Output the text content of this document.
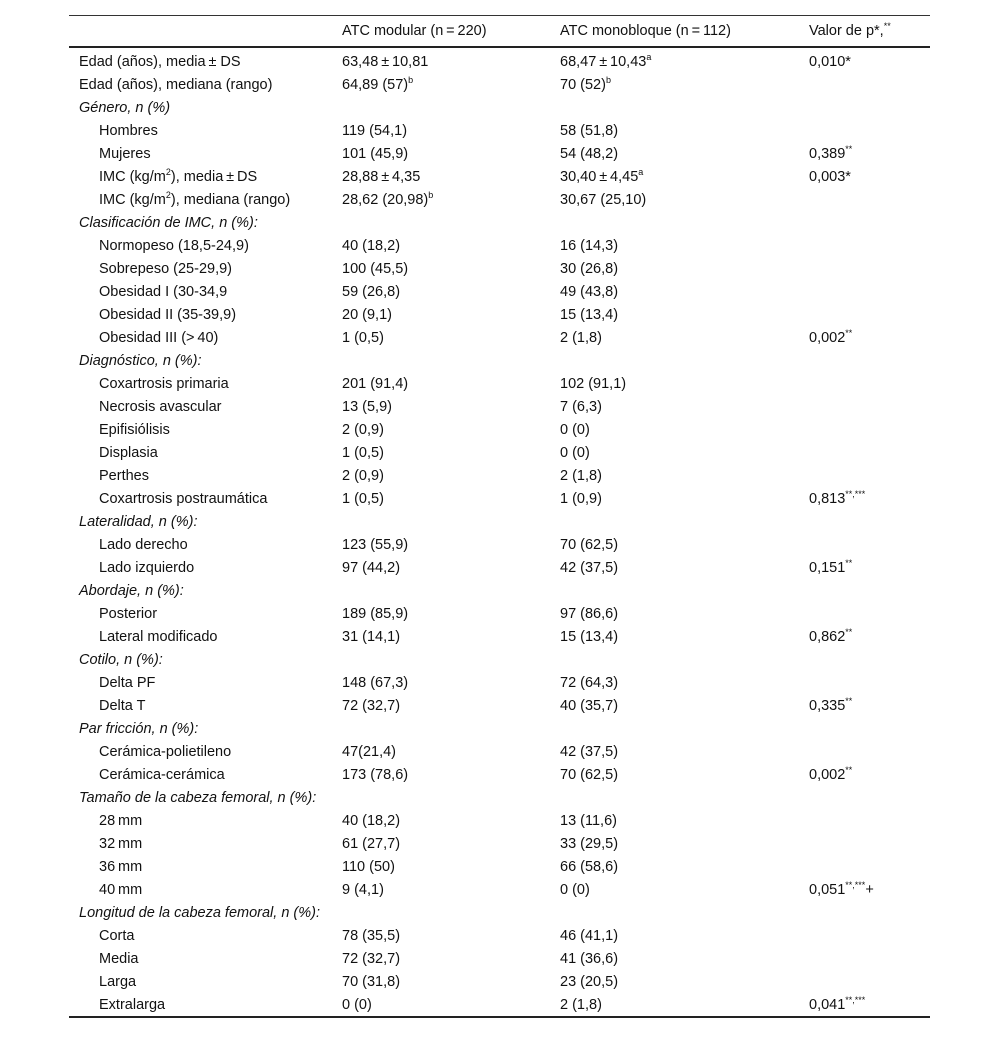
	ATC modular (n = 220)	ATC monobloque (n = 112)	Valor de p*,**
Edad (años), media ± DS	63,48 ± 10,81	68,47 ± 10,43$^a$	0,010*
Edad (años), mediana (rango)	64,89 $(57)^b$	70 $(52)^b$	
Género, n (%)			
Hombres	119 (54,1)	58 (51,8)	
Mujeres	101 (45,9)	54 (48,2)	0,389**
IMC $(kg/m^2)$, media ± DS	28,88 ± 4,35	30,40 ± 4,45$^a$	0,003*
IMC $(kg/m^2)$, mediana (rango)	28,62 $(20,98)^b$	30,67 (25,10)	
Clasificación de IMC, n (%):			
Normopeso (18,5-24,9)	40 (18,2)	16 (14,3)	
Sobrepeso (25-29,9)	100 (45,5)	30 (26,8)	
Obesidad I (30-34,9	59 (26,8)	49 (43,8)	
Obesidad II (35-39,9)	20 (9,1)	15 (13,4)	
Obesidad III (> 40)	1 (0,5)	2 (1,8)	0,002**
Diagnóstico, n (%):			
Coxartrosis primaria	201 (91,4)	102 (91,1)	
Necrosis avascular	13 (5,9)	7 (6,3)	
Epifisiólisis	2 (0,9)	0 (0)	
Displasia	1 (0,5)	0 (0)	
Perthes	2 (0,9)	2 (1,8)	
Coxartrosis postraumática	1 (0,5)	1 (0,9)	0,813**,***
Lateralidad, n (%):			
Lado derecho	123 (55,9)	70 (62,5)	
Lado izquierdo	97 (44,2)	42 (37,5)	0,151**
Abordaje, n (%):			
Posterior	189 (85,9)	97 (86,6)	
Lateral modificado	31 (14,1)	15 (13,4)	0,862**
Cotilo, n (%):			
Delta PF	148 (67,3)	72 (64,3)	
Delta T	72 (32,7)	40 (35,7)	0,335**
Par fricción, n (%):			
Cerámica-polietileno	47(21,4)	42 (37,5)	
Cerámica-cerámica	173 (78,6)	70 (62,5)	0,002**
Tamaño de la cabeza femoral, n (%):			
28 mm	40 (18,2)	13 (11,6)	
32 mm	61 (27,7)	33 (29,5)	
36 mm	110 (50)	66 (58,6)	
40 mm	9 (4,1)	0 (0)	0,051**,***+
Longitud de la cabeza femoral, n (%):			
Corta	78 (35,5)	46 (41,1)	
Media	72 (32,7)	41 (36,6)	
Larga	70 (31,8)	23 (20,5)	
Extralarga	0 (0)	2 (1,8)	0,041**,***
